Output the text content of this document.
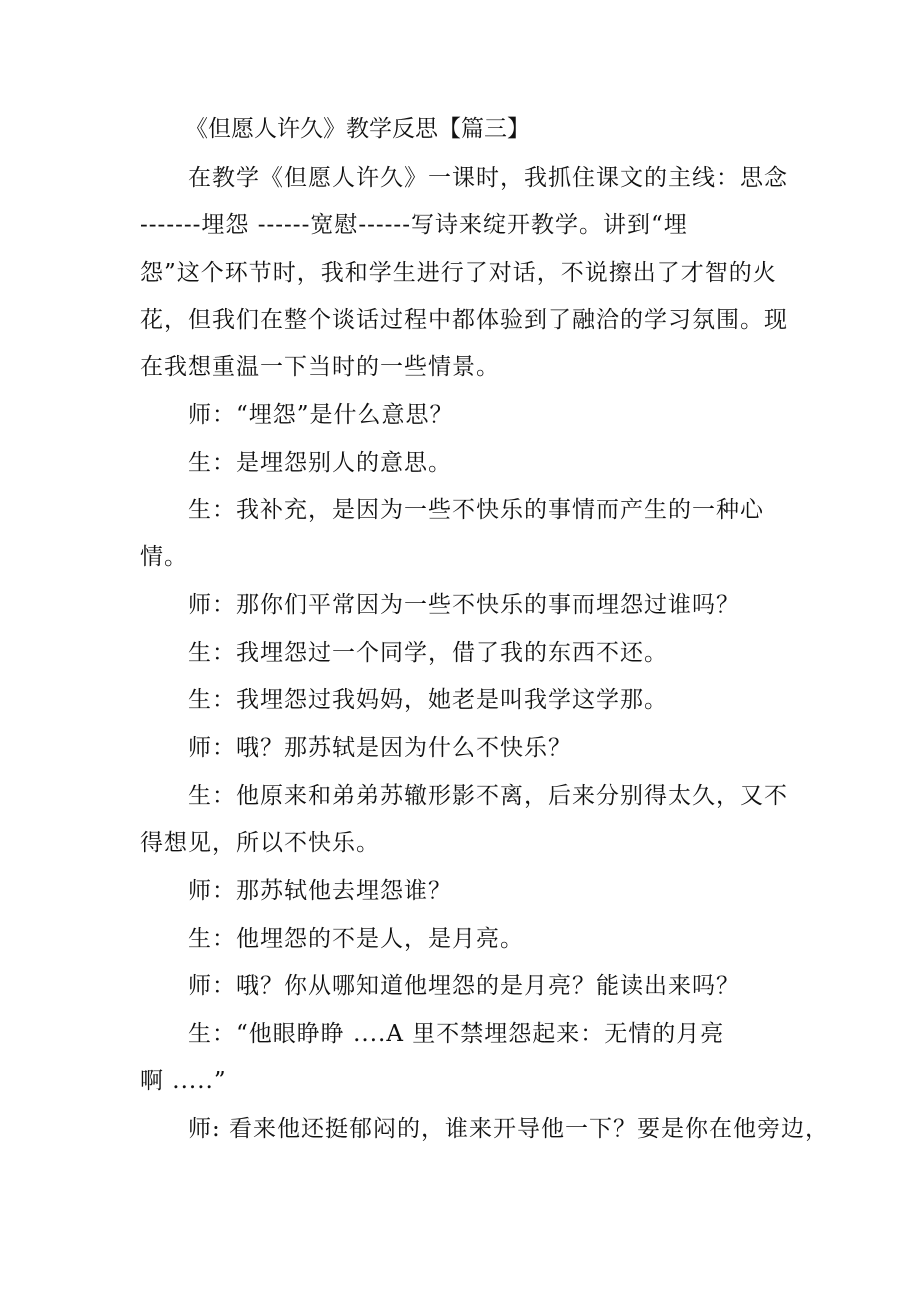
《但愿人许久》教学反思【篇三】
在教学《但愿人许久》一课时，我抓住课文的主线：思念
-------埋怨 ------宽慰------写诗来绽开教学。讲到“埋
怨”这个环节时，我和学生进行了对话，不说擦出了才智的火
花，但我们在整个谈话过程中都体验到了融洽的学习氛围。现
在我想重温一下当时的一些情景。
师：“埋怨”是什么意思？
生：是埋怨别人的意思。
生：我补充，是因为一些不快乐的事情而产生的一种心
情。
师：那你们平常因为一些不快乐的事而埋怨过谁吗？
生：我埋怨过一个同学，借了我的东西不还。
生：我埋怨过我妈妈，她老是叫我学这学那。
师：哦？那苏轼是因为什么不快乐？
生：他原来和弟弟苏辙形影不离，后来分别得太久，又不
得想见，所以不快乐。
师：那苏轼他去埋怨谁？
生：他埋怨的不是人，是月亮。
师：哦？你从哪知道他埋怨的是月亮？能读出来吗？
生：“他眼睁睁 ....A 里不禁埋怨起来：无情的月亮
啊 .....”
师: 看来他还挺郁闷的，谁来开导他一下？要是你在他旁边，
